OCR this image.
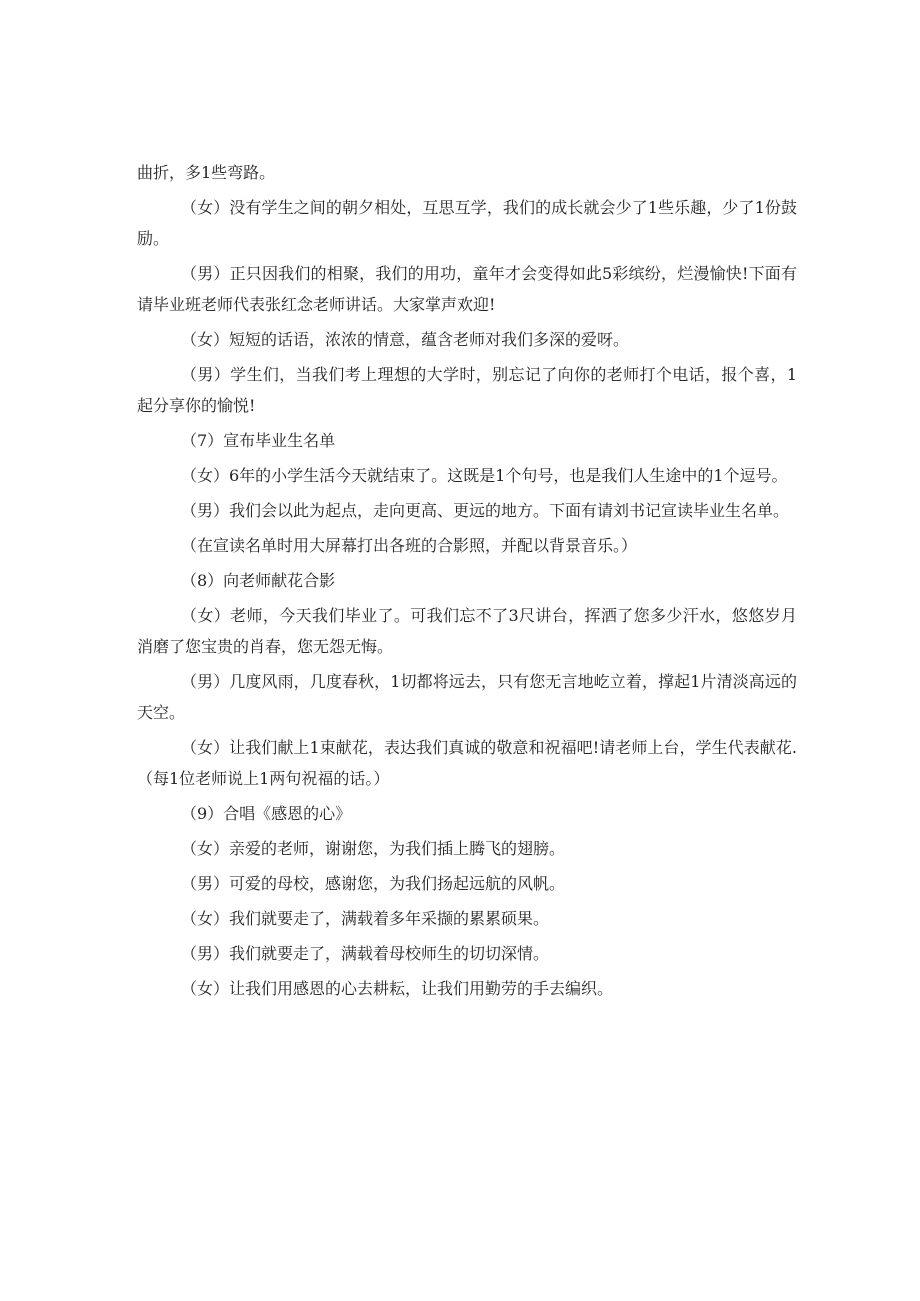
曲折，多1些弯路。

（女）没有学生之间的朝夕相处，互思互学，我们的成长就会少了1些乐趣，少了1份鼓励。

（男）正只因我们的相聚，我们的用功，童年才会变得如此5彩缤纷，烂漫愉快!下面有请毕业班老师代表张红念老师讲话。大家掌声欢迎!

（女）短短的话语，浓浓的情意，蕴含老师对我们多深的爱呀。

（男）学生们，当我们考上理想的大学时，别忘记了向你的老师打个电话，报个喜，1起分享你的愉悦!

（7）宣布毕业生名单

（女）6年的小学生活今天就结束了。这既是1个句号，也是我们人生途中的1个逗号。

（男）我们会以此为起点，走向更高、更远的地方。下面有请刘书记宣读毕业生名单。

（在宣读名单时用大屏幕打出各班的合影照，并配以背景音乐。）

（8）向老师献花合影

（女）老师，今天我们毕业了。可我们忘不了3尺讲台，挥洒了您多少汗水，悠悠岁月消磨了您宝贵的肖春，您无怨无悔。

（男）几度风雨，几度春秋，1切都将远去，只有您无言地屹立着，撑起1片清淡高远的天空。

（女）让我们献上1束献花，表达我们真诚的敬意和祝福吧!请老师上台，学生代表献花.（每1位老师说上1两句祝福的话。）

（9）合唱《感恩的心》

（女）亲爱的老师，谢谢您，为我们插上腾飞的翅膀。

（男）可爱的母校，感谢您，为我们扬起远航的风帆。

（女）我们就要走了，满载着多年采撷的累累硕果。

（男）我们就要走了，满载着母校师生的切切深情。

（女）让我们用感恩的心去耕耘，让我们用勤劳的手去编织。
